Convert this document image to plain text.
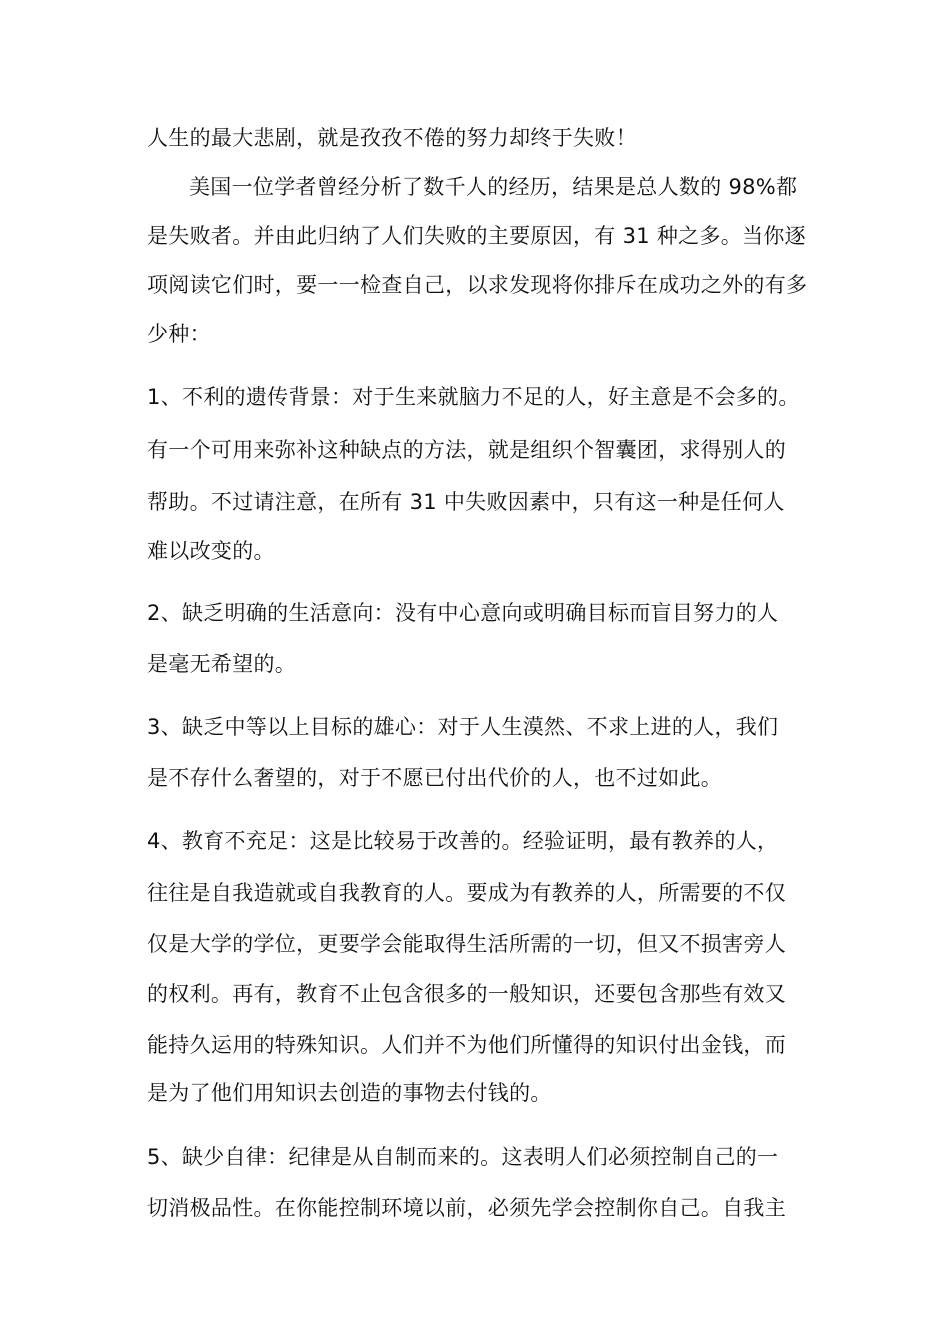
人生的最大悲剧，就是孜孜不倦的努力却终于失败！
美国一位学者曾经分析了数千人的经历，结果是总人数的 98%都
是失败者。并由此归纳了人们失败的主要原因，有 31 种之多。当你逐
项阅读它们时，要一一检查自己，以求发现将你排斥在成功之外的有多
少种：
1、不利的遗传背景：对于生来就脑力不足的人，好主意是不会多的。
有一个可用来弥补这种缺点的方法，就是组织个智囊团，求得别人的
帮助。不过请注意，在所有 31 中失败因素中，只有这一种是任何人
难以改变的。
2、缺乏明确的生活意向：没有中心意向或明确目标而盲目努力的人
是毫无希望的。
3、缺乏中等以上目标的雄心：对于人生漠然、不求上进的人，我们
是不存什么奢望的，对于不愿已付出代价的人，也不过如此。
4、教育不充足：这是比较易于改善的。经验证明，最有教养的人，
往往是自我造就或自我教育的人。要成为有教养的人，所需要的不仅
仅是大学的学位，更要学会能取得生活所需的一切，但又不损害旁人
的权利。再有，教育不止包含很多的一般知识，还要包含那些有效又
能持久运用的特殊知识。人们并不为他们所懂得的知识付出金钱，而
是为了他们用知识去创造的事物去付钱的。
5、缺少自律：纪律是从自制而来的。这表明人们必须控制自己的一
切消极品性。在你能控制环境以前，必须先学会控制你自己。自我主
